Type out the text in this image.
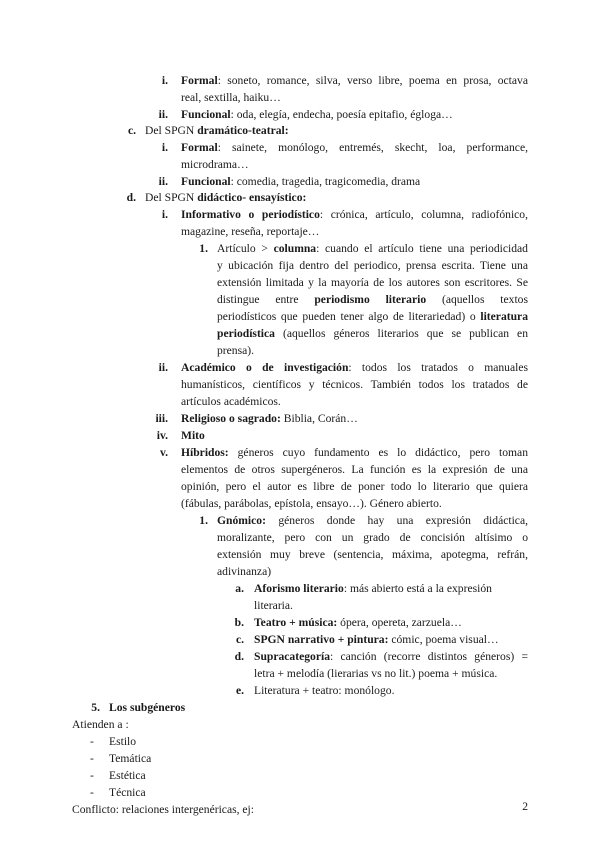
i. Formal: soneto, romance, silva, verso libre, poema en prosa, octava
real, sextilla, haiku…
ii. Funcional: oda, elegía, endecha, poesía epitafio, égloga…
c. Del SPGN dramático-teatral:
i. Formal: sainete, monólogo, entremés, skecht, loa, performance,
microdrama…
ii. Funcional: comedia, tragedia, tragicomedia, drama
d. Del SPGN didáctico- ensayístico:
i. Informativo o periodístico: crónica, artículo, columna, radiofónico,
magazine, reseña, reportaje…
1. Artículo > columna: cuando el artículo tiene una periodicidad
y ubicación fija dentro del periodico, prensa escrita. Tiene una
extensión limitada y la mayoría de los autores son escritores. Se
distingue entre periodismo literario (aquellos textos
periodísticos que pueden tener algo de literariedad) o literatura
periodística (aquellos géneros literarios que se publican en
prensa).
ii. Académico o de investigación: todos los tratados o manuales
humanísticos, científicos y técnicos. También todos los tratados de
artículos académicos.
iii. Religioso o sagrado: Biblia, Corán…
iv. Mito
v. Híbridos: géneros cuyo fundamento es lo didáctico, pero toman
elementos de otros supergéneros. La función es la expresión de una
opinión, pero el autor es libre de poner todo lo literario que quiera
(fábulas, parábolas, epístola, ensayo…). Género abierto.
1. Gnómico: géneros donde hay una expresión didáctica,
moralizante, pero con un grado de concisión altísimo o
extensión muy breve (sentencia, máxima, apotegma, refrán,
adivinanza)
a. Aforismo literario: más abierto está a la expresión
literaria.
b. Teatro + música: ópera, opereta, zarzuela…
c. SPGN narrativo + pintura: cómic, poema visual…
d. Supracategoría: canción (recorre distintos géneros) =
letra + melodía (lierarias vs no lit.) poema + música.
e. Literatura + teatro: monólogo.
5. Los subgéneros
Atienden a :
- Estilo
- Temática
- Estética
- Técnica
Conflicto: relaciones intergenéricas, ej:	2
